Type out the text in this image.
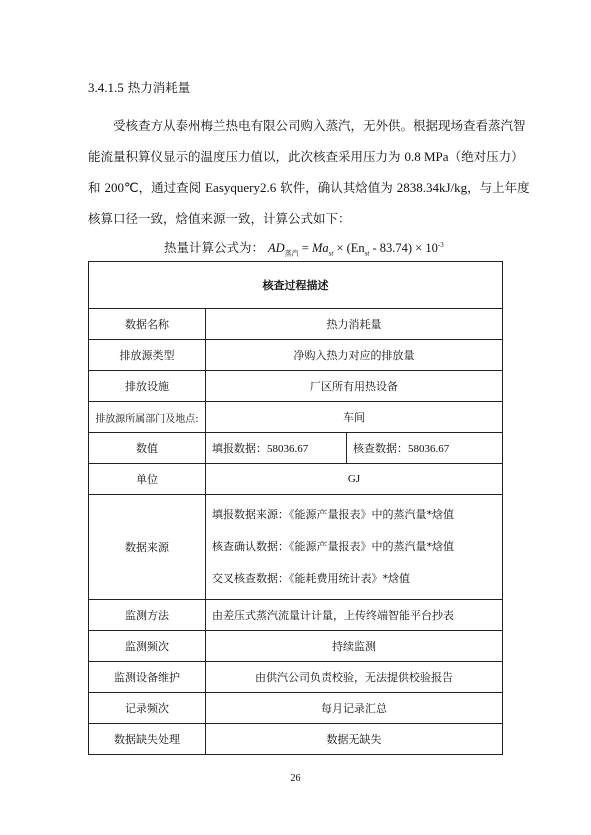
3.4.1.5 热力消耗量

受核查方从泰州梅兰热电有限公司购入蒸汽，无外供。根据现场查看蒸汽智

能流量积算仪显示的温度压力值以，此次核查采用压力为 0.8 MPa（绝对压力）

和 200℃，通过查阅 Easyquery2.6 软件，确认其焓值为 2838.34kJ/kg，与上年度

核算口径一致，焓值来源一致，计算公式如下：

热量计算公式为： $AD_{蒸汽} = Ma_{st} \times (En_{st} - 83.74) \times 10^{-3}$
核查过程描述		
数据名称	热力消耗量	
排放源类型	净购入热力对应的排放量	
排放设施	厂区所有用热设备	
排放源所属部门及地点:	车间	
数值	填报数据：58036.67	核查数据：58036.67
单位	GJ	
数据来源	填报数据来源：《能源产量报表》中的蒸汽量*焓值
核查确认数据：《能源产量报表》中的蒸汽量*焓值
交叉核查数据：《能耗费用统计表》*焓值	

监测方法	由差压式蒸汽流量计计量，上传终端智能平台抄表	
监测频次	持续监测	
监测设备维护	由供汽公司负责校验，无法提供校验报告	
记录频次	每月记录汇总	
数据缺失处理	数据无缺失	
26
